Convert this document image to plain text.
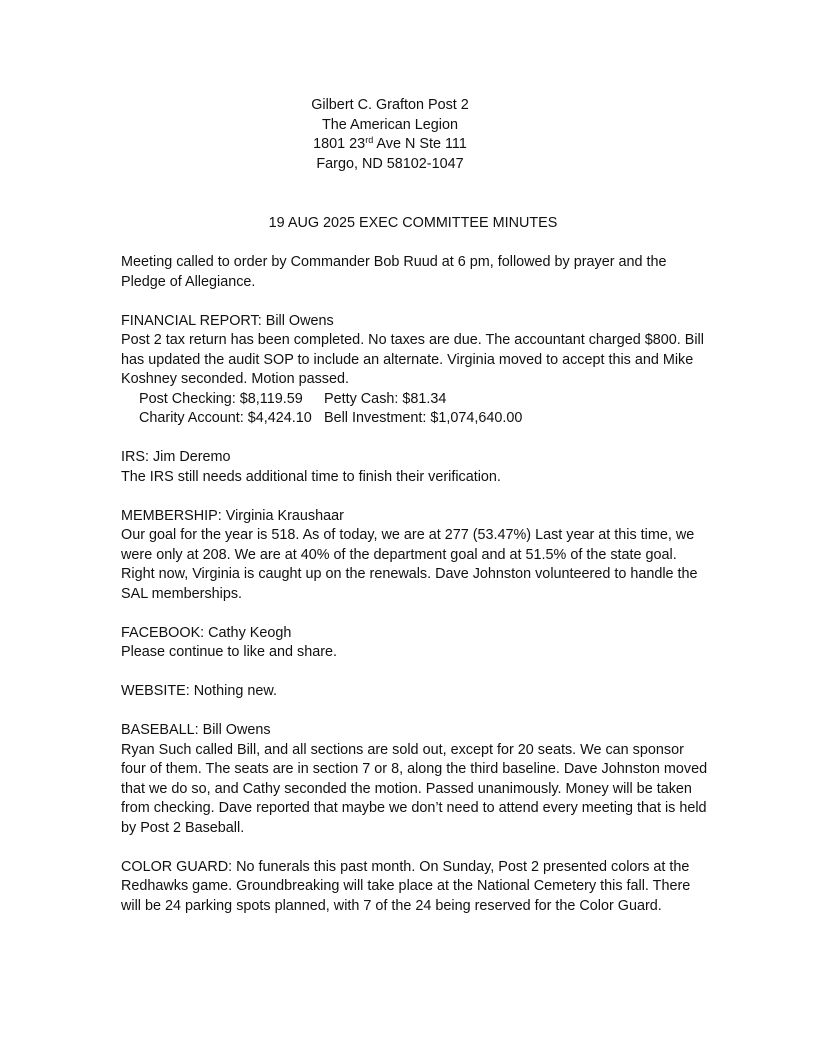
Gilbert C. Grafton Post 2
The American Legion
1801 23rd Ave N Ste 111
Fargo, ND 58102-1047
19 AUG 2025 EXEC COMMITTEE MINUTES

Meeting called to order by Commander Bob Ruud at 6 pm, followed by prayer and the Pledge of Allegiance.

FINANCIAL REPORT: Bill Owens

Post 2 tax return has been completed. No taxes are due. The accountant charged $800. Bill has updated the audit SOP to include an alternate. Virginia moved to accept this and Mike Koshney seconded. Motion passed.

Post Checking: $8,119.59	Petty Cash: $81.34
Charity Account: $4,424.10 Bell Investment: $1,074,640.00

IRS: Jim Deremo

The IRS still needs additional time to finish their verification.

MEMBERSHIP: Virginia Kraushaar

Our goal for the year is 518. As of today, we are at 277 (53.47%) Last year at this time, we were only at 208. We are at 40% of the department goal and at 51.5% of the state goal. Right now, Virginia is caught up on the renewals. Dave Johnston volunteered to handle the SAL memberships.

FACEBOOK: Cathy Keogh

Please continue to like and share.

WEBSITE: Nothing new.

BASEBALL: Bill Owens

Ryan Such called Bill, and all sections are sold out, except for 20 seats. We can sponsor four of them. The seats are in section 7 or 8, along the third baseline. Dave Johnston moved that we do so, and Cathy seconded the motion. Passed unanimously. Money will be taken from checking. Dave reported that maybe we don’t need to attend every meeting that is held by Post 2 Baseball.

COLOR GUARD: No funerals this past month. On Sunday, Post 2 presented colors at the Redhawks game. Groundbreaking will take place at the National Cemetery this fall. There will be 24 parking spots planned, with 7 of the 24 being reserved for the Color Guard.
